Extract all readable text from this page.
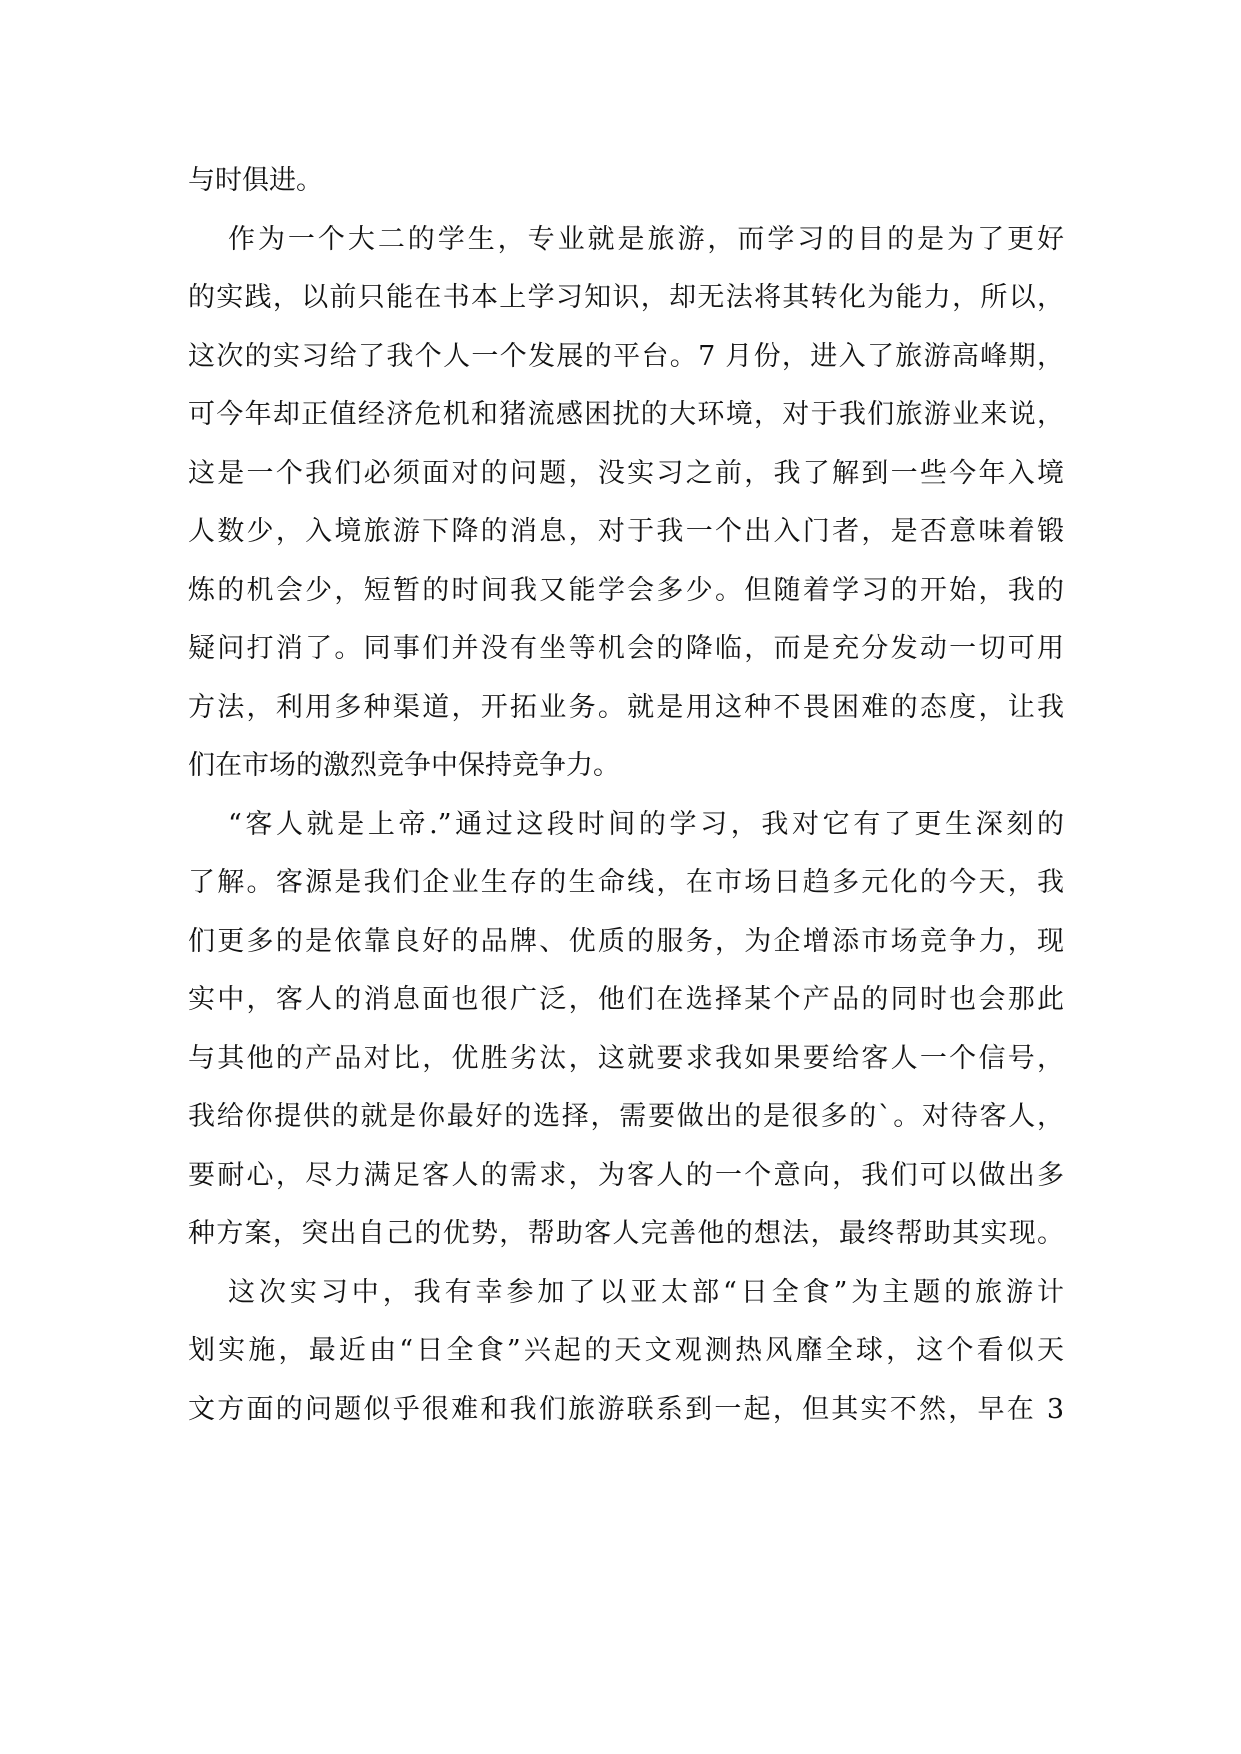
与时俱进。
作为一个大二的学生，专业就是旅游，而学习的目的是为了更好
的实践，以前只能在书本上学习知识，却无法将其转化为能力，所以，
这次的实习给了我个人一个发展的平台。7 月份，进入了旅游高峰期，
可今年却正值经济危机和猪流感困扰的大环境，对于我们旅游业来说，
这是一个我们必须面对的问题，没实习之前，我了解到一些今年入境
人数少，入境旅游下降的消息，对于我一个出入门者，是否意味着锻
炼的机会少，短暂的时间我又能学会多少。但随着学习的开始，我的
疑问打消了。同事们并没有坐等机会的降临，而是充分发动一切可用
方法，利用多种渠道，开拓业务。就是用这种不畏困难的态度，让我
们在市场的激烈竞争中保持竞争力。
“客人就是上帝.”通过这段时间的学习，我对它有了更生深刻的
了解。客源是我们企业生存的生命线，在市场日趋多元化的今天，我
们更多的是依靠良好的品牌、优质的服务，为企增添市场竞争力，现
实中，客人的消息面也很广泛，他们在选择某个产品的同时也会那此
与其他的产品对比，优胜劣汰，这就要求我如果要给客人一个信号，
我给你提供的就是你最好的选择，需要做出的是很多的`。对待客人，
要耐心，尽力满足客人的需求，为客人的一个意向，我们可以做出多
种方案，突出自己的优势，帮助客人完善他的想法，最终帮助其实现。
这次实习中，我有幸参加了以亚太部“日全食”为主题的旅游计
划实施，最近由“日全食”兴起的天文观测热风靡全球，这个看似天
文方面的问题似乎很难和我们旅游联系到一起，但其实不然，早在 3
